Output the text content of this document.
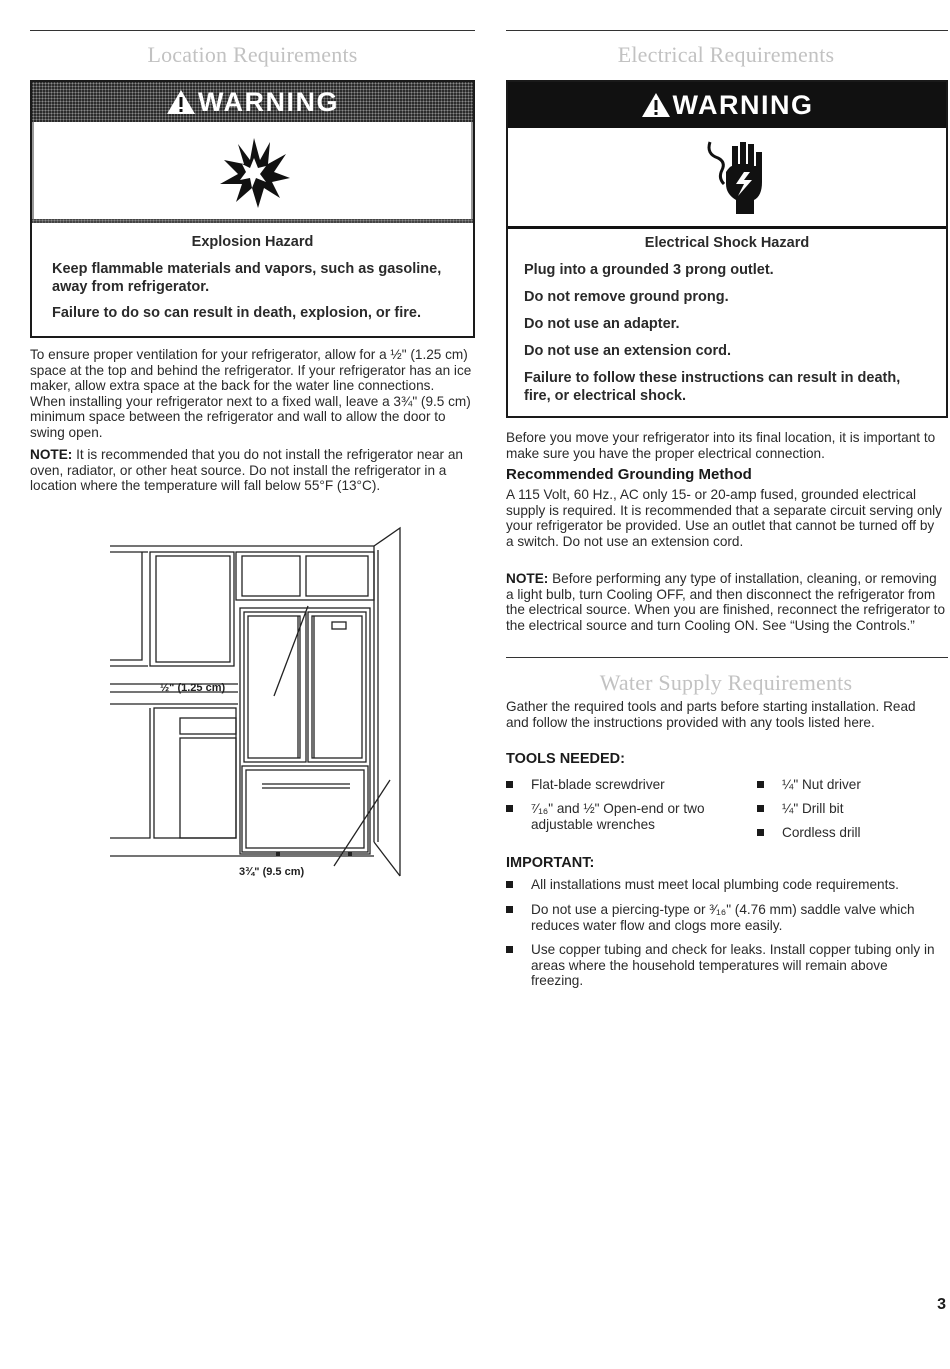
Location Requirements
WARNING
Explosion Hazard
Keep flammable materials and vapors, such as gasoline, away from refrigerator.
Failure to do so can result in death, explosion, or fire.
To ensure proper ventilation for your refrigerator, allow for a ½" (1.25 cm) space at the top and behind the refrigerator. If your refrigerator has an ice maker, allow extra space at the back for the water line connections. When installing your refrigerator next to a fixed wall, leave a 3¾" (9.5 cm) minimum space between the refrigerator and wall to allow the door to swing open.
NOTE: It is recommended that you do not install the refrigerator near an oven, radiator, or other heat source. Do not install the refrigerator in a location where the temperature will fall below 55°F (13°C).
½" (1.25 cm)
3¾" (9.5 cm)
Electrical Requirements
WARNING
Electrical Shock Hazard
Plug into a grounded 3 prong outlet.
Do not remove ground prong.
Do not use an adapter.
Do not use an extension cord.
Failure to follow these instructions can result in death, fire, or electrical shock.
Before you move your refrigerator into its final location, it is important to make sure you have the proper electrical connection.
Recommended Grounding Method
A 115 Volt, 60 Hz., AC only 15- or 20-amp fused, grounded electrical supply is required. It is recommended that a separate circuit serving only your refrigerator be provided. Use an outlet that cannot be turned off by a switch. Do not use an extension cord.
NOTE: Before performing any type of installation, cleaning, or removing a light bulb, turn Cooling OFF, and then disconnect the refrigerator from the electrical source. When you are finished, reconnect the refrigerator to the electrical source and turn Cooling ON. See “Using the Controls.”
Water Supply Requirements
Gather the required tools and parts before starting installation. Read and follow the instructions provided with any tools listed here.
TOOLS NEEDED:
Flat-blade screwdriver
⁷⁄₁₆" and ½" Open-end or two adjustable wrenches
¼" Nut driver
¼" Drill bit
Cordless drill
IMPORTANT:
All installations must meet local plumbing code requirements.
Do not use a piercing-type or ³⁄₁₆" (4.76 mm) saddle valve which reduces water flow and clogs more easily.
Use copper tubing and check for leaks. Install copper tubing only in areas where the household temperatures will remain above freezing.
3
